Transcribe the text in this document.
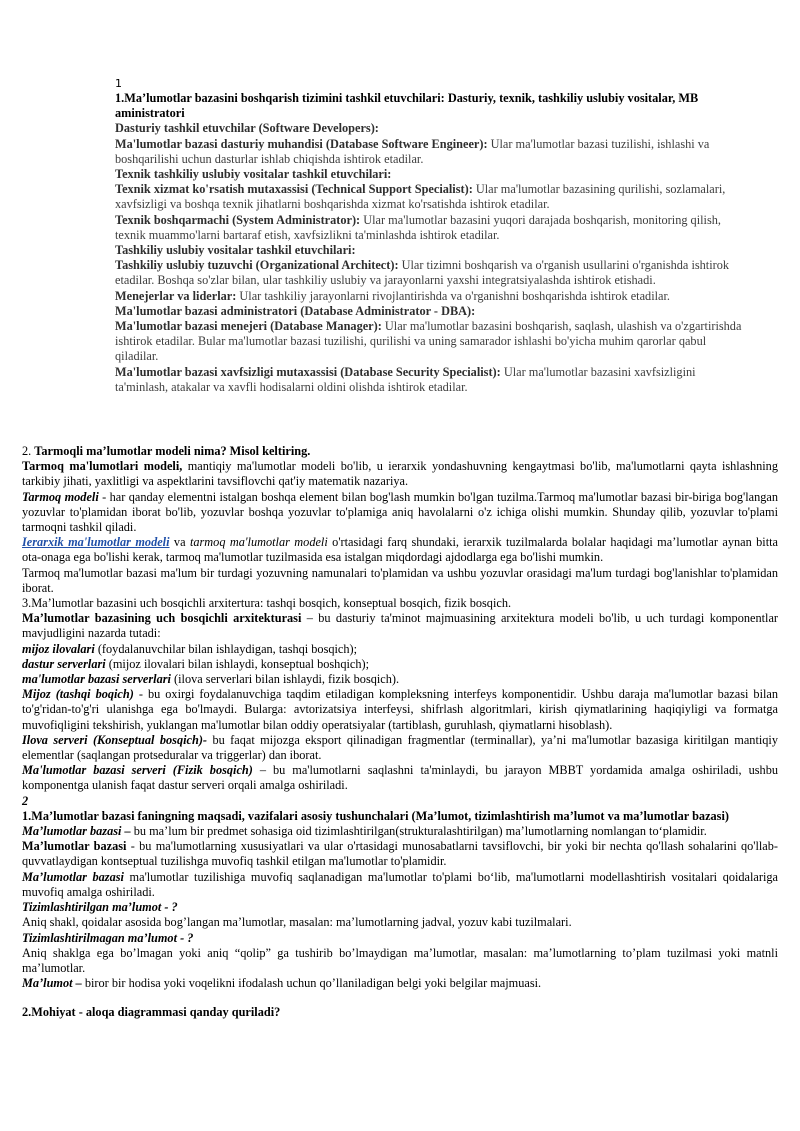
1
1.Ma’lumotlar bazasini boshqarish tizimini tashkil etuvchilari: Dasturiy, texnik, tashkiliy uslubiy vositalar, MB aministratori
Dasturiy tashkil etuvchilar (Software Developers):
Ma'lumotlar bazasi dasturiy muhandisi (Database Software Engineer): Ular ma'lumotlar bazasi tuzilishi, ishlashi va boshqarilishi uchun dasturlar ishlab chiqishda ishtirok etadilar.
Texnik tashkiliy uslubiy vositalar tashkil etuvchilari:
Texnik xizmat ko'rsatish mutaxassisi (Technical Support Specialist): Ular ma'lumotlar bazasining qurilishi, sozlamalari, xavfsizligi va boshqa texnik jihatlarni boshqarishda xizmat ko'rsatishda ishtirok etadilar.
Texnik boshqarmachi (System Administrator): Ular ma'lumotlar bazasini yuqori darajada boshqarish, monitoring qilish, texnik muammo'larni bartaraf etish, xavfsizlikni ta'minlashda ishtirok etadilar.
Tashkiliy uslubiy vositalar tashkil etuvchilari:
Tashkiliy uslubiy tuzuvchi (Organizational Architect): Ular tizimni boshqarish va o'rganish usullarini o'rganishda ishtirok etadilar. Boshqa so'zlar bilan, ular tashkiliy uslubiy va jarayonlarni yaxshi integratsiyalashda ishtirok etishadi.
Menejerlar va liderlar: Ular tashkiliy jarayonlarni rivojlantirishda va o'rganishni boshqarishda ishtirok etadilar.
Ma'lumotlar bazasi administratori (Database Administrator - DBA):
Ma'lumotlar bazasi menejeri (Database Manager): Ular ma'lumotlar bazasini boshqarish, saqlash, ulashish va o'zgartirishda ishtirok etadilar. Bular ma'lumotlar bazasi tuzilishi, qurilishi va uning samarador ishlashi bo'yicha muhim qarorlar qabul qiladilar.
Ma'lumotlar bazasi xavfsizligi mutaxassisi (Database Security Specialist): Ular ma'lumotlar bazasini xavfsizligini ta'minlash, atakalar va xavfli hodisalarni oldini olishda ishtirok etadilar.

2. Tarmoqli ma’lumotlar modeli nima? Misol keltiring.

Tarmoq ma'lumotlari modeli, mantiqiy ma'lumotlar modeli bo'lib, u ierarxik yondashuvning kengaytmasi bo'lib, ma'lumotlarni qayta ishlashning tarkibiy jihati, yaxlitligi va aspektlarini tavsiflovchi qat'iy matematik nazariya.

Tarmoq modeli - har qanday elementni istalgan boshqa element bilan bog'lash mumkin bo'lgan tuzilma.Tarmoq ma'lumotlar bazasi bir-biriga bog'langan yozuvlar to'plamidan iborat bo'lib, yozuvlar boshqa yozuvlar to'plamiga aniq havolalarni o'z ichiga olishi mumkin. Shunday qilib, yozuvlar to'plami tarmoqni tashkil qiladi.

Ierarxik ma'lumotlar modeli va tarmoq ma'lumotlar modeli o'rtasidagi farq shundaki, ierarxik tuzilmalarda bolalar haqidagi ma’lumotlar aynan bitta ota-onaga ega bo'lishi kerak, tarmoq ma'lumotlar tuzilmasida esa istalgan miqdordagi ajdodlarga ega bo'lishi mumkin.

Tarmoq ma'lumotlar bazasi ma'lum bir turdagi yozuvning namunalari to'plamidan va ushbu yozuvlar orasidagi ma'lum turdagi bog'lanishlar to'plamidan iborat.

3.Ma’lumotlar bazasini uch bosqichli arxitertura: tashqi bosqich, konseptual bosqich, fizik bosqich.

Ma’lumotlar bazasining uch bosqichli arxitekturasi – bu dasturiy ta'minot majmuasining arxitektura modeli bo'lib, u uch turdagi komponentlar mavjudligini nazarda tutadi:

mijoz ilovalari (foydalanuvchilar bilan ishlaydigan, tashqi bosqich);

dastur serverlari (mijoz ilovalari bilan ishlaydi, konseptual boshqich);

ma'lumotlar bazasi serverlari (ilova serverlari bilan ishlaydi, fizik bosqich).

Mijoz (tashqi boqich) - bu oxirgi foydalanuvchiga taqdim etiladigan kompleksning interfeys komponentidir. Ushbu daraja ma'lumotlar bazasi bilan to'g'ridan-to'g'ri ulanishga ega bo'lmaydi. Bularga: avtorizatsiya interfeysi, shifrlash algoritmlari, kirish qiymatlarining haqiqiyligi va formatga muvofiqligini tekshirish, yuklangan ma'lumotlar bilan oddiy operatsiyalar (tartiblash, guruhlash, qiymatlarni hisoblash).

Ilova serveri (Konseptual bosqich)- bu faqat mijozga eksport qilinadigan fragmentlar (terminallar), ya’ni ma'lumotlar bazasiga kiritilgan mantiqiy elementlar (saqlangan protseduralar va triggerlar) dan iborat.

Ma'lumotlar bazasi serveri (Fizik bosqich) – bu ma'lumotlarni saqlashni ta'minlaydi, bu jarayon MBBT yordamida amalga oshiriladi, ushbu komponentga ulanish faqat dastur serveri orqali amalga oshiriladi.

2

1.Ma’lumotlar bazasi faningning maqsadi, vazifalari asosiy tushunchalari (Ma’lumot, tizimlashtirish ma’lumot va ma’lumotlar bazasi)

Ma’lumotlar bazasi – bu ma’lum bir predmet sohasiga oid tizimlashtirilgan(strukturalashtirilgan) ma’lumotlarning nomlangan to‘plamidir.

Ma’lumotlar bazasi - bu ma'lumotlarning xususiyatlari va ular o'rtasidagi munosabatlarni tavsiflovchi, bir yoki bir nechta qo'llash sohalarini qo'llab-quvvatlaydigan kontseptual tuzilishga muvofiq tashkil etilgan ma'lumotlar to'plamidir.

Ma’lumotlar bazasi ma'lumotlar tuzilishiga muvofiq saqlanadigan ma'lumotlar to'plami bo‘lib, ma'lumotlarni modellashtirish vositalari qoidalariga muvofiq amalga oshiriladi.

Tizimlashtirilgan ma’lumot - ?

Aniq shakl, qoidalar asosida bog’langan ma’lumotlar, masalan: ma’lumotlarning jadval, yozuv kabi tuzilmalari.

Tizimlashtirilmagan ma’lumot - ?

Aniq shaklga ega bo’lmagan yoki aniq “qolip” ga tushirib bo’lmaydigan ma’lumotlar, masalan: ma’lumotlarning to’plam tuzilmasi yoki matnli ma’lumotlar.

Ma’lumot – biror bir hodisa yoki voqelikni ifodalash uchun qo’llaniladigan belgi yoki belgilar majmuasi.

2.Mohiyat - aloqa diagrammasi qanday quriladi?
